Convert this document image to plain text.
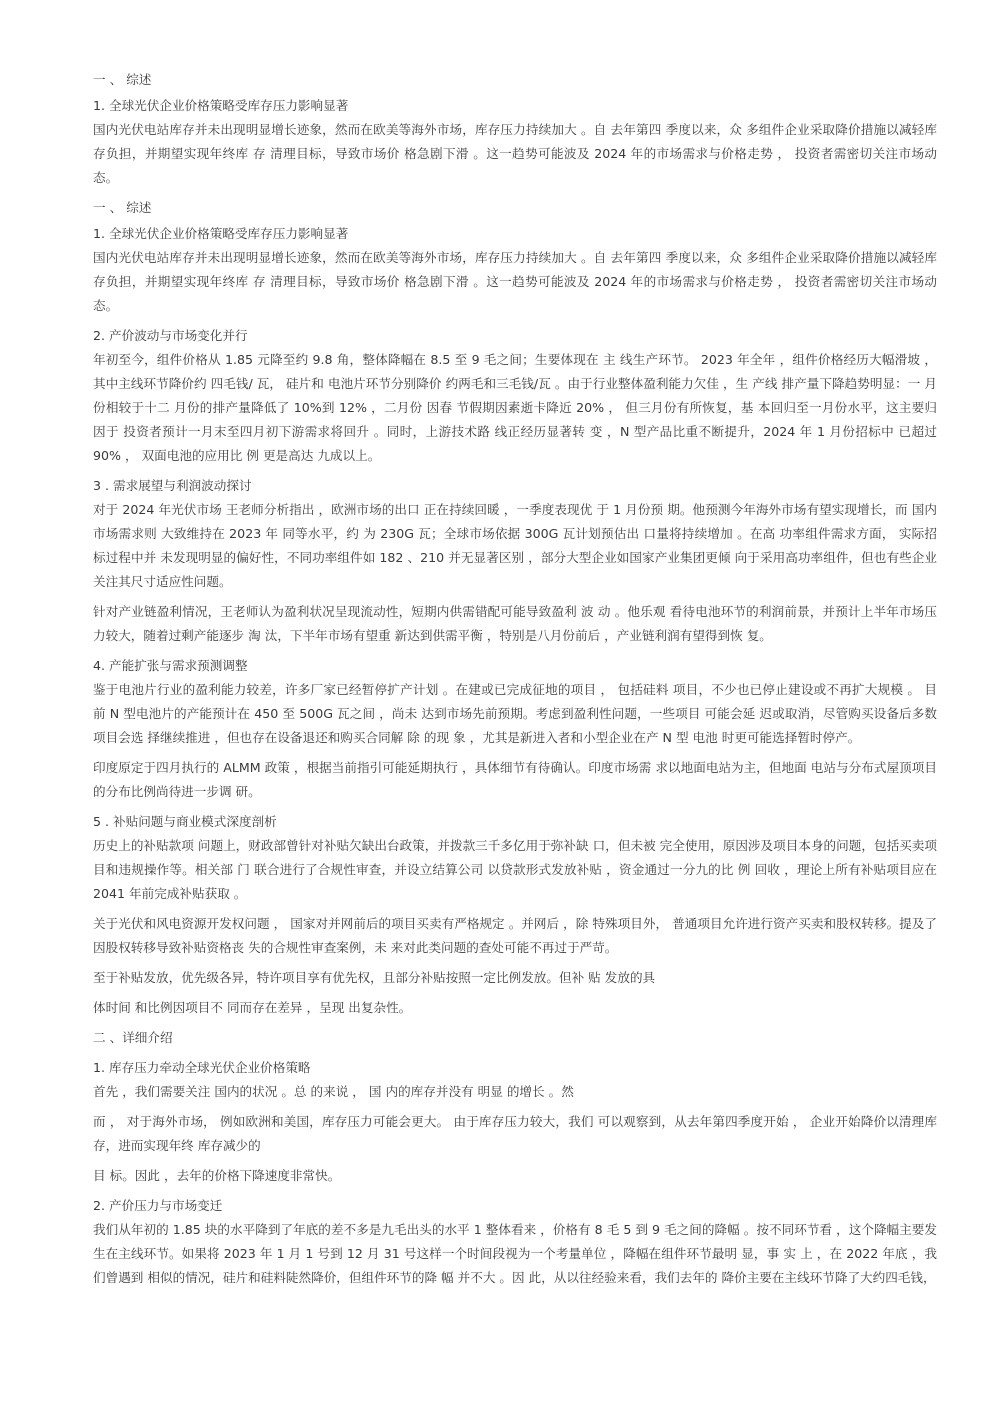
一 、 综述

1. 全球光伏企业价格策略受库存压力影响显著

国内光伏电站库存并未出现明显增长迹象，然而在欧美等海外市场，库存压力持续加大 。自 去年第四 季度以来，众 多组件企业采取降价措施以减轻库存负担，并期望实现年终库 存 清理目标，导致市场价 格急剧下滑 。这一趋势可能波及 2024 年的市场需求与价格走势 ， 投资者需密切关注市场动态。

一 、 综述

1. 全球光伏企业价格策略受库存压力影响显著

国内光伏电站库存并未出现明显增长迹象，然而在欧美等海外市场，库存压力持续加大 。自 去年第四 季度以来，众 多组件企业采取降价措施以减轻库存负担，并期望实现年终库 存 清理目标，导致市场价 格急剧下滑 。这一趋势可能波及 2024 年的市场需求与价格走势 ， 投资者需密切关注市场动态。

2. 产价波动与市场变化并行

年初至今，组件价格从 1.85 元降至约 9.8 角，整体降幅在 8.5 至 9 毛之间；生要体现在 主 线生产环节。 2023 年全年 ，组件价格经历大幅滑坡 ，其中主线环节降价约 四毛钱/ 瓦， 硅片和 电池片环节分别降价 约两毛和三毛钱/瓦 。由于行业整体盈利能力欠佳 ，生 产线 排产量下降趋势明显：一 月 份相较于十二 月份的排产量降低了 10%到 12% ，二月份 因春 节假期因素逝卡降近 20% ， 但三月份有所恢复，基 本回归至一月份水平，这主要归 因于 投资者预计一月末至四月初下游需求将回升 。同时，上游技术路 线正经历显著转 变 ，N 型产品比重不断提升，2024 年 1 月份招标中 已超过 90% ， 双面电池的应用比 例 更是高达 九成以上。

3 . 需求展望与利润波动探讨

对于 2024 年光伏市场 王老师分析指出 ，欧洲市场的出口 正在持续回暖 ，一季度表现优 于 1 月份预 期。他预测今年海外市场有望实现增长，而 国内市场需求则 大致维持在 2023 年 同等水平，约 为 230G 瓦；全球市场依据 300G 瓦计划预估出 口量将持续增加 。在高 功率组件需求方面， 实际招标过程中并 未发现明显的偏好性，不同功率组件如 182 、210 并无显著区别 ，部分大型企业如国家产业集团更倾 向于采用高功率组件，但也有些企业 关注其尺寸适应性问题。

针对产业链盈利情况，王老师认为盈利状况呈现流动性，短期内供需错配可能导致盈利 波 动 。他乐观 看待电池环节的利润前景，并预计上半年市场压力较大，随着过剩产能逐步 淘 汰，下半年市场有望重 新达到供需平衡 ，特别是八月份前后 ，产业链利润有望得到恢 复。

4. 产能扩张与需求预测调整

鉴于电池片行业的盈利能力较差，许多厂家已经暂停扩产计划 。在建或已完成征地的项目 ， 包括硅料 项目，不少也已停止建设或不再扩大规模 。 目 前 N 型电池片的产能预计在 450 至 500G 瓦之间 ，尚未 达到市场先前预期。考虑到盈利性问题，一些项目 可能会延 迟或取消，尽管购买设备后多数项目会选 择继续推进 ，但也存在设备退还和购买合同解 除 的现 象 ，尤其是新进入者和小型企业在产 N 型 电池 时更可能选择暂时停产。

印度原定于四月执行的 ALMM 政策 ，根据当前指引可能延期执行 ，具体细节有待确认。印度市场需 求以地面电站为主，但地面 电站与分布式屋顶项目的分布比例尚待进一步调 研。

5 . 补贴问题与商业模式深度剖析

历史上的补贴款项 问题上，财政部曾针对补贴欠缺出台政策，并拨款三千多亿用于弥补缺 口，但未被 完全使用，原因涉及项目本身的问题，包括买卖项目和违规操作等。相关部 门 联合进行了合规性审查，并设立结算公司 以贷款形式发放补贴 ，资金通过一分九的比 例 回收 ，理论上所有补贴项目应在 2041 年前完成补贴获取 。

关于光伏和风电资源开发权问题 ， 国家对并网前后的项目买卖有严格规定 。并网后 ，除 特殊项目外， 普通项目允许进行资产买卖和股权转移。提及了因股权转移导致补贴资格丧 失的合规性审查案例，未 来对此类问题的查处可能不再过于严苛。

至于补贴发放，优先级各异，特许项目享有优先权，且部分补贴按照一定比例发放。但补 贴 发放的具

体时间 和比例因项目不 同而存在差异 ，呈现 出复杂性。

二 、详细介绍

1. 库存压力牵动全球光伏企业价格策略

首先 ，我们需要关注 国内的状况 。总 的来说 ， 国 内的库存并没有 明显 的增长 。然

而 ， 对于海外市场， 例如欧洲和美国，库存压力可能会更大。 由于库存压力较大，我们 可以观察到，从去年第四季度开始 ， 企业开始降价以清理库存，进而实现年终 库存减少的

目 标。因此 ，去年的价格下降速度非常快。

2. 产价压力与市场变迁

我们从年初的 1.85 块的水平降到了年底的差不多是九毛出头的水平 1 整体看来 ，价格有 8 毛 5 到 9 毛之间的降幅 。按不同环节看 ，这个降幅主要发生在主线环节。如果将 2023 年 1 月 1 号到 12 月 31 号这样一个时间段视为一个考量单位 ，降幅在组件环节最明 显，事 实 上 ，在 2022 年底 ，我们曾遇到 相似的情况，硅片和硅料陡然降价，但组件环节的降 幅 并不大 。因 此，从以往经验来看，我们去年的 降价主要在主线环节降了大约四毛钱，
